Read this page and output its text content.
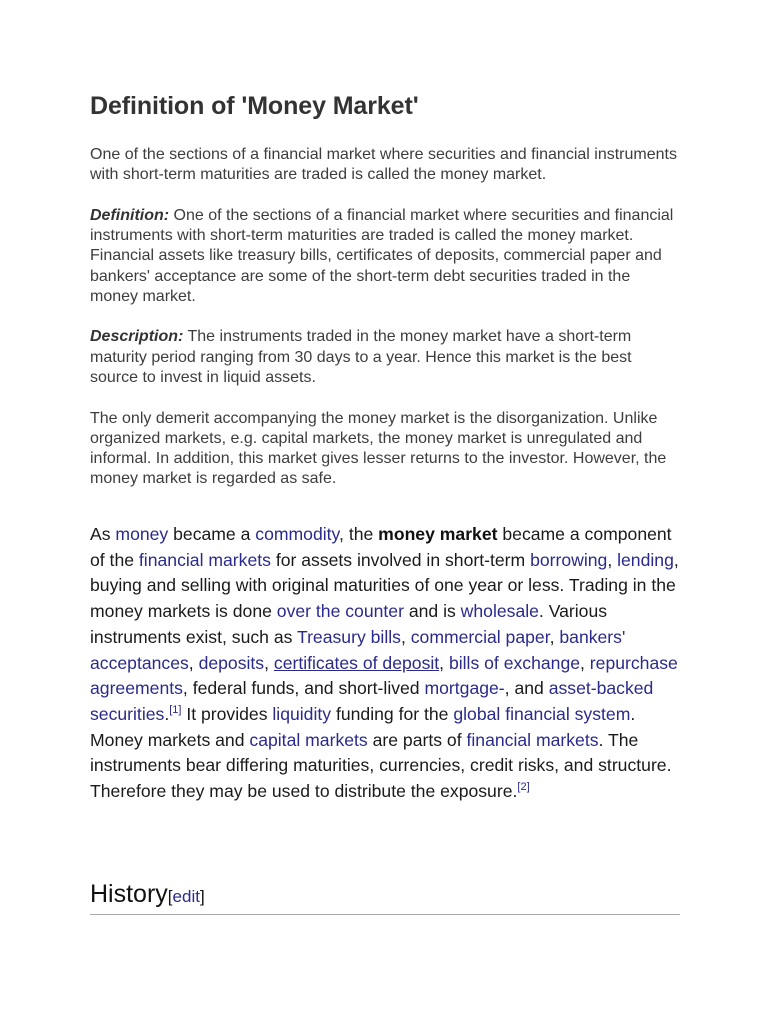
Definition of 'Money Market'

One of the sections of a financial market where securities and financial instruments with short-term maturities are traded is called the money market.

Definition: One of the sections of a financial market where securities and financial instruments with short-term maturities are traded is called the money market. Financial assets like treasury bills, certificates of deposits, commercial paper and bankers' acceptance are some of the short-term debt securities traded in the money market.

Description: The instruments traded in the money market have a short-term maturity period ranging from 30 days to a year. Hence this market is the best source to invest in liquid assets.

The only demerit accompanying the money market is the disorganization. Unlike organized markets, e.g. capital markets, the money market is unregulated and informal. In addition, this market gives lesser returns to the investor. However, the money market is regarded as safe.

As money became a commodity, the money market became a component of the financial markets for assets involved in short-term borrowing, lending, buying and selling with original maturities of one year or less. Trading in the money markets is done over the counter and is wholesale. Various instruments exist, such as Treasury bills, commercial paper, bankers' acceptances, deposits, certificates of deposit, bills of exchange, repurchase agreements, federal funds, and short-lived mortgage-, and asset-backed securities.[1] It provides liquidity funding for the global financial system. Money markets and capital markets are parts of financial markets. The instruments bear differing maturities, currencies, credit risks, and structure. Therefore they may be used to distribute the exposure.[2]

History[edit]
